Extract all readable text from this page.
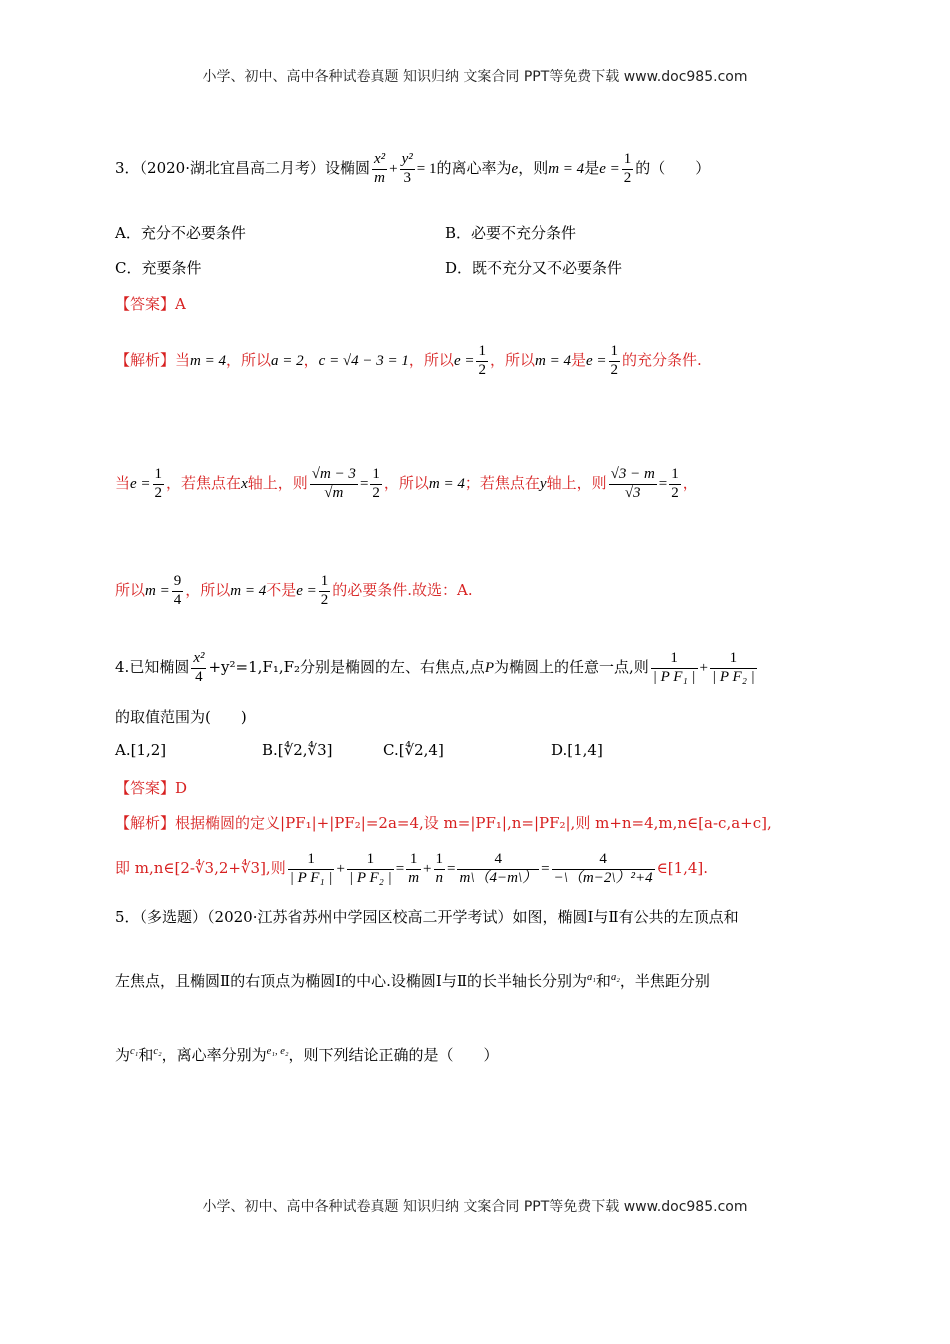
小学、初中、高中各种试卷真题 知识归纳 文案合同 PPT等免费下载 www.doc985.com
3．（2020·湖北宜昌高二月考）设椭圆 $\frac{\text{x²}}{m} + \frac{\text{y²}}{3} = 1$的离心率为e，则m = 4是$e = \frac{1}{2}$ 的（　　）
A．充分不必要条件	B．必要不充分条件
C．充要条件	D．既不充分又不必要条件
【答案】A
【解析】当m = 4，所以a = 2，c = √4 − 3 = 1，所以$e = \frac{1}{2}$ ，所以m = 4是$e = \frac{1}{2}$ 的充分条件.
当$e = \frac{1}{2}$ ，若焦点在x轴上，则 $\frac{√m - 3}{√m} = \frac{1}{2}$ ，所以m = 4；若焦点在y轴上，则 $\frac{√3 - m}{√3} = \frac{1}{2}$ ，
所以$m = \frac{9}{4}$ ，所以m = 4不是$e = \frac{1}{2}$ 的必要条件.故选：A.
4.已知椭圆 $\frac{\text{x²}}{4} +y^2=1,F_1,F_2$分别是椭圆的左、右焦点,点P为椭圆上的任意一点,则 $\frac{1}{\text{| P F₁ |}} + \frac{1}{\text{| P F₂ |}}$
的取值范围为(　　)
A.[1,2]	B.[∜2,∜3]	C.[∜2,4]	D.[1,4]
【答案】D
【解析】根据椭圆的定义|PF₁|+|PF₂|=2a=4,设 m=|PF₁|,n=|PF₂|,则 m+n=4,m,n∈[a-c,a+c],
即 m,n∈[2-∜3,2+∜3],则 $\frac{1}{\text{| P F₁ |}} + \frac{1}{\text{| P F₂ |}} = \frac{1}{m} + \frac{1}{n} = \frac{4}{m\backslash(4-m\backslash)} = \frac{4}{\text{−\textbackslash{}（m−2\textbackslash{}）²+4}}$ ∈[1,4].
5．（多选题）（2020·江苏省苏州中学园区校高二开学考试）如图，椭圆Ⅰ与Ⅱ有公共的左顶点和
左焦点，且椭圆Ⅱ的右顶点为椭圆Ⅰ的中心.设椭圆Ⅰ与Ⅱ的长半轴长分别为$^{a_1}$和$^{a_2}$，半焦距分别
为$^{c_1}$和$^{c_2}$，离心率分别为$^{e_1, e_2}$，则下列结论正确的是（　　）
小学、初中、高中各种试卷真题 知识归纳 文案合同 PPT等免费下载 www.doc985.com
